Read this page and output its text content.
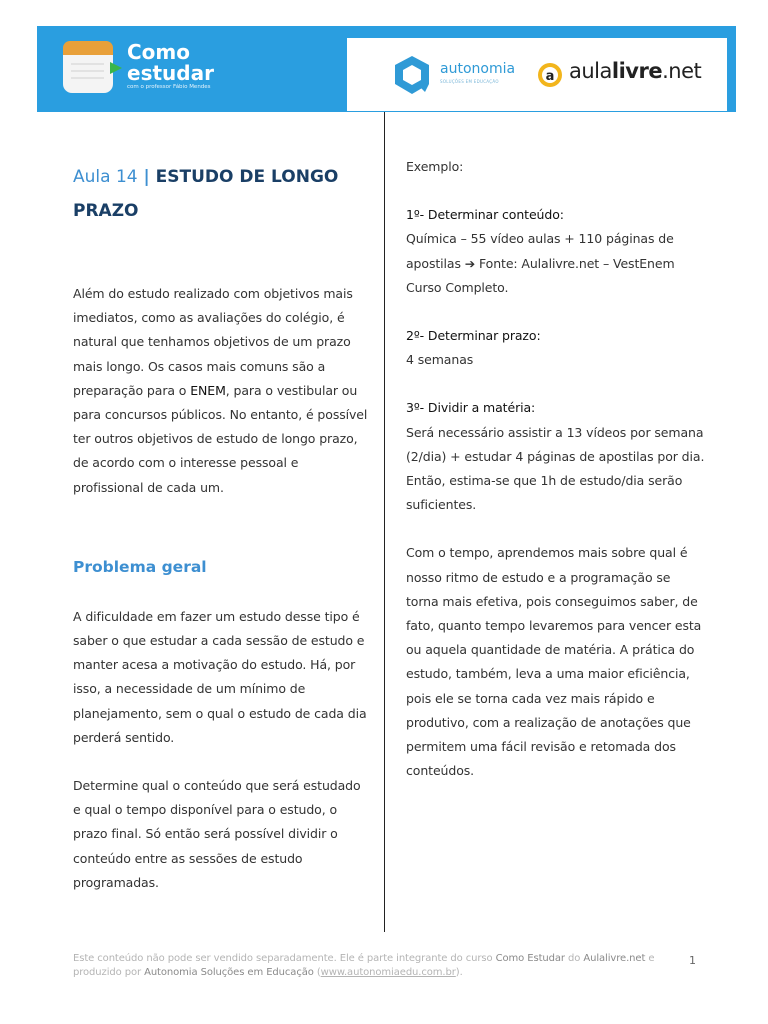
Como
estudar
com o professor Fábio Mendes
autonomia
SOLUÇÕES EM EDUCAÇÃO	a aulalivre.net
Aula 14 | ESTUDO DE LONGO PRAZO

Além do estudo realizado com objetivos mais imediatos, como as avaliações do colégio, é natural que tenhamos objetivos de um prazo mais longo. Os casos mais comuns são a preparação para o ENEM, para o vestibular ou para concursos públicos. No entanto, é possível ter outros objetivos de estudo de longo prazo, de acordo com o interesse pessoal e profissional de cada um.

Problema geral

A dificuldade em fazer um estudo desse tipo é saber o que estudar a cada sessão de estudo e manter acesa a motivação do estudo. Há, por isso, a necessidade de um mínimo de planejamento, sem o qual o estudo de cada dia perderá sentido.

Determine qual o conteúdo que será estudado e qual o tempo disponível para o estudo, o prazo final. Só então será possível dividir o conteúdo entre as sessões de estudo programadas.

Exemplo:

1º- Determinar conteúdo:
Química – 55 vídeo aulas + 110 páginas de apostilas ➔ Fonte: Aulalivre.net – VestEnem Curso Completo.

2º- Determinar prazo:
4 semanas

3º- Dividir a matéria:
Será necessário assistir a 13 vídeos por semana (2/dia) + estudar 4 páginas de apostilas por dia. Então, estima-se que 1h de estudo/dia serão suficientes.

Com o tempo, aprendemos mais sobre qual é nosso ritmo de estudo e a programação se torna mais efetiva, pois conseguimos saber, de fato, quanto tempo levaremos para vencer esta ou aquela quantidade de matéria. A prática do estudo, também, leva a uma maior eficiência, pois ele se torna cada vez mais rápido e produtivo, com a realização de anotações que permitem uma fácil revisão e retomada dos conteúdos.

Este conteúdo não pode ser vendido separadamente. Ele é parte integrante do curso Como Estudar do Aulalivre.net e produzido por Autonomia Soluções em Educação (www.autonomiaedu.com.br).
1
